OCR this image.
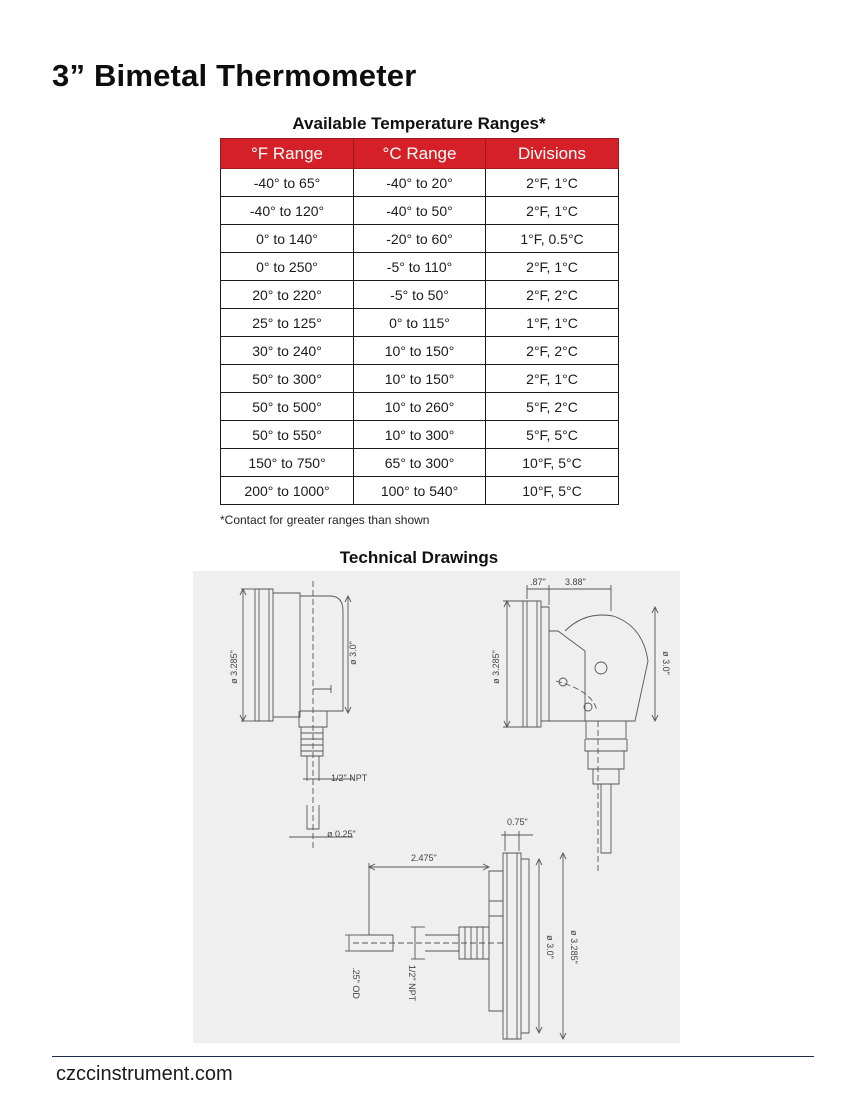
3” Bimetal Thermometer
Available Temperature Ranges*
°F Range	°C Range	Divisions
-40° to 65°	-40° to 20°	2°F, 1°C
-40° to 120°	-40° to 50°	2°F, 1°C
0° to 140°	-20° to 60°	1°F, 0.5°C
0° to 250°	-5° to 110°	2°F, 1°C
20° to 220°	-5° to 50°	2°F, 2°C
25° to 125°	0° to 115°	1°F, 1°C
30° to 240°	10° to 150°	2°F, 2°C
50° to 300°	10° to 150°	2°F, 1°C
50° to 500°	10° to 260°	5°F, 2°C
50° to 550°	10° to 300°	5°F, 5°C
150° to 750°	65° to 300°	10°F, 5°C
200° to 1000°	100° to 540°	10°F, 5°C
*Contact for greater ranges than shown
Technical Drawings
ø 3.285"	ø 3.0"
1/2" NPT
ø 0.25"
.87" 3.88"
ø 3.285"	ø 3.0"
0.75"
2.475"
ø 3.0" ø 3.285"
.25" OD	1/2" NPT
czccinstrument.com
